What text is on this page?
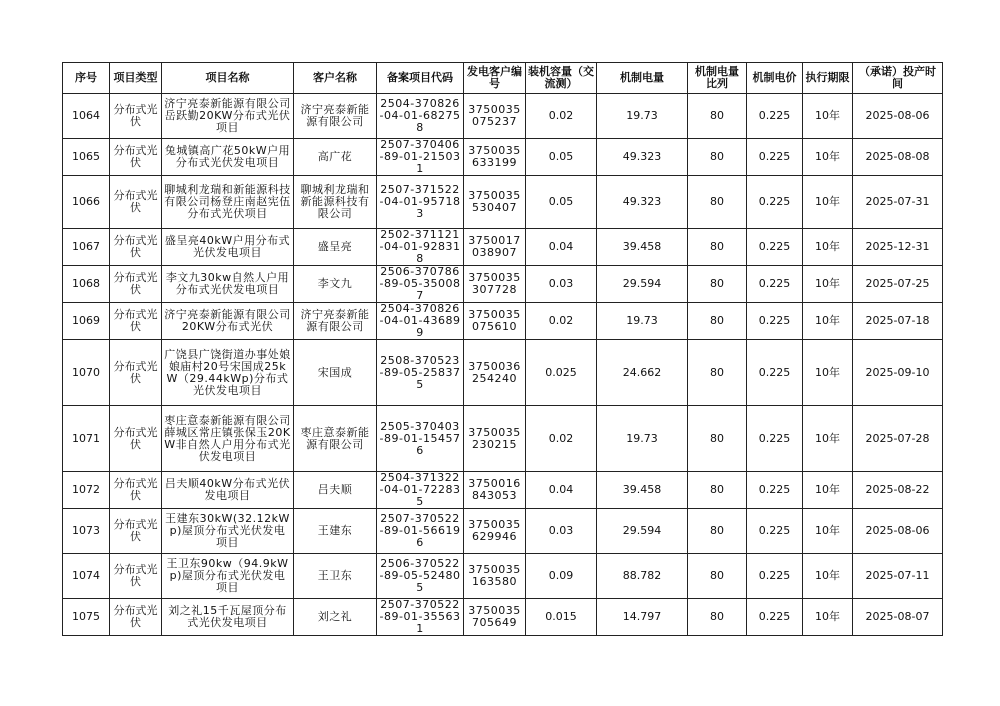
序号	项目类型	项目名称	客户名称	备案项目代码	发电客户编号	装机容量（交流测）	机制电量	机制电量比列	机制电价	执行期限	（承诺）投产时间
1064	分布式光伏	济宁亮泰新能源有限公司岳跃勤20KW分布式光伏项目	济宁亮泰新能源有限公司	2504-370826-04-01-682758	3750035075237	0.02	19.73	80	0.225	10年	2025-08-06
1065	分布式光伏	兔城镇高广花50kW户用分布式光伏发电项目	高广花	2507-370406-89-01-215031	3750035633199	0.05	49.323	80	0.225	10年	2025-08-08
1066	分布式光伏	聊城利龙瑞和新能源科技有限公司杨登庄南赵宪伍分布式光伏项目	聊城利龙瑞和新能源科技有限公司	2507-371522-04-01-957183	3750035530407	0.05	49.323	80	0.225	10年	2025-07-31
1067	分布式光伏	盛呈亮40kW户用分布式光伏发电项目	盛呈亮	2502-371121-04-01-928318	3750017038907	0.04	39.458	80	0.225	10年	2025-12-31
1068	分布式光伏	李文九30kw自然人户用分布式光伏发电项目	李文九	2506-370786-89-05-350087	3750035307728	0.03	29.594	80	0.225	10年	2025-07-25
1069	分布式光伏	济宁亮泰新能源有限公司20KW分布式光伏	济宁亮泰新能源有限公司	2504-370826-04-01-436899	3750035075610	0.02	19.73	80	0.225	10年	2025-07-18
1070	分布式光伏	广饶县广饶街道办事处娘娘庙村20号宋国成25kW（29.44kWp)分布式光伏发电项目	宋国成	2508-370523-89-05-258375	3750036254240	0.025	24.662	80	0.225	10年	2025-09-10
1071	分布式光伏	枣庄意泰新能源有限公司薛城区常庄镇张保玉20KW非自然人户用分布式光伏发电项目	枣庄意泰新能源有限公司	2505-370403-89-01-154576	3750035230215	0.02	19.73	80	0.225	10年	2025-07-28
1072	分布式光伏	吕夫顺40kW分布式光伏发电项目	吕夫顺	2504-371322-04-01-722835	3750016843053	0.04	39.458	80	0.225	10年	2025-08-22
1073	分布式光伏	王建东30kW(32.12kWp)屋顶分布式光伏发电项目	王建东	2507-370522-89-01-566196	3750035629946	0.03	29.594	80	0.225	10年	2025-08-06
1074	分布式光伏	王卫东90kw（94.9kWp)屋顶分布式光伏发电项目	王卫东	2506-370522-89-05-524805	3750035163580	0.09	88.782	80	0.225	10年	2025-07-11
1075	分布式光伏	刘之礼15千瓦屋顶分布式光伏发电项目	刘之礼	2507-370522-89-01-355631	3750035705649	0.015	14.797	80	0.225	10年	2025-08-07
